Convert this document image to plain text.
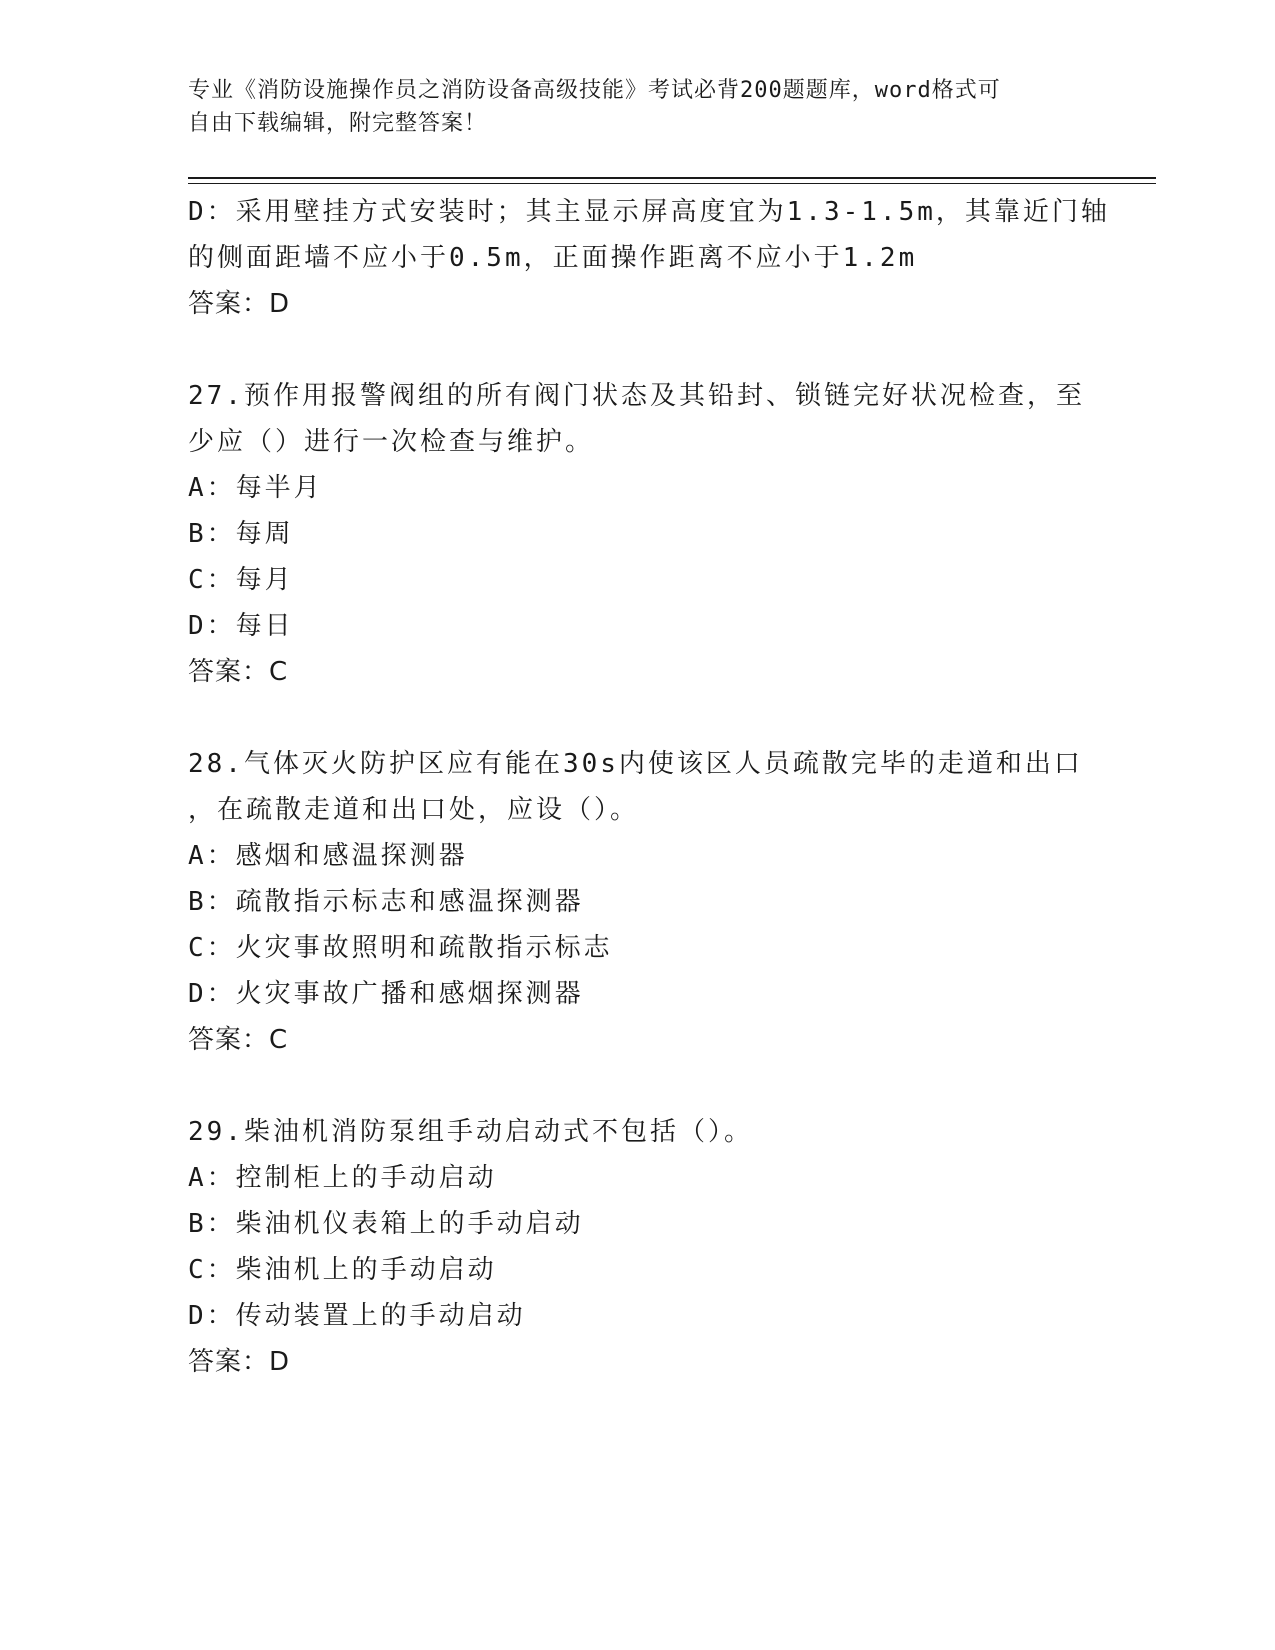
专业《消防设施操作员之消防设备高级技能》考试必背200题题库，word格式可
自由下载编辑，附完整答案！
D：采用壁挂方式安装时；其主显示屏高度宜为1.3-1.5m，其靠近门轴
的侧面距墙不应小于0.5m，正面操作距离不应小于1.2m
答案：D
27.预作用报警阀组的所有阀门状态及其铅封、锁链完好状况检查，至
少应（）进行一次检查与维护。
A：每半月
B：每周
C：每月
D：每日
答案：C
28.气体灭火防护区应有能在30s内使该区人员疏散完毕的走道和出口
，在疏散走道和出口处，应设（）。
A：感烟和感温探测器
B：疏散指示标志和感温探测器
C：火灾事故照明和疏散指示标志
D：火灾事故广播和感烟探测器
答案：C
29.柴油机消防泵组手动启动式不包括（）。
A：控制柜上的手动启动
B：柴油机仪表箱上的手动启动
C：柴油机上的手动启动
D：传动装置上的手动启动
答案：D
